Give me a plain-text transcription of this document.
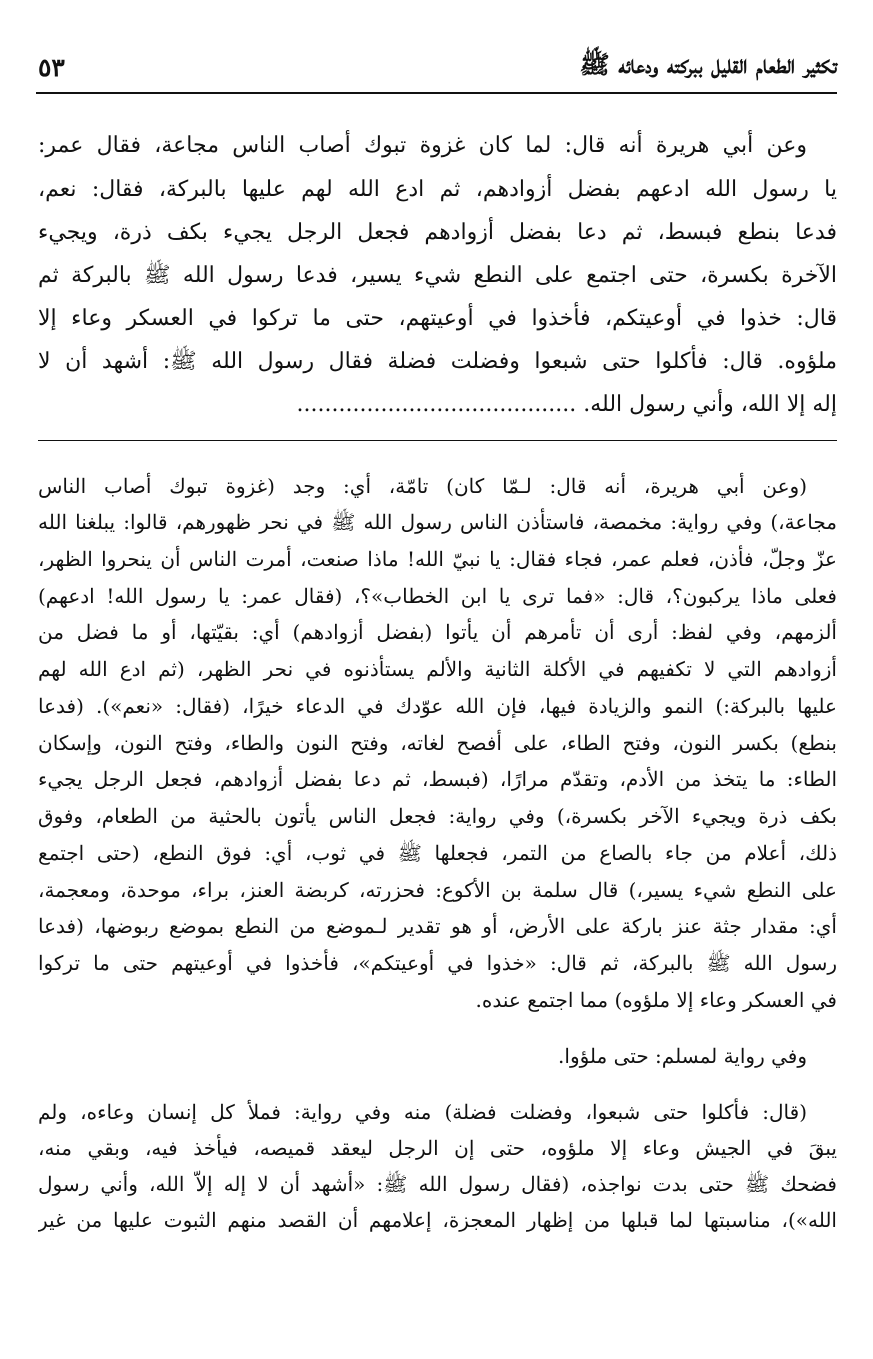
تكثير الطعام القليل ببركته ودعائه ﷺ
٥٣
وعن أبي هريرة أنه قال: لما كان غزوة تبوك أصاب الناس مجاعة، فقال عمر:
يا رسول الله ادعهم بفضل أزوادهم، ثم ادع الله لهم عليها بالبركة، فقال: نعم،
فدعا بنطع فبسط، ثم دعا بفضل أزوادهم فجعل الرجل يجيء بكف ذرة، ويجيء
الآخرة بكسرة، حتى اجتمع على النطع شيء يسير، فدعا رسول الله ﷺ بالبركة ثم
قال: خذوا في أوعيتكم، فأخذوا في أوعيتهم، حتى ما تركوا في العسكر وعاء إلا
ملؤوه. قال: فأكلوا حتى شبعوا وفضلت فضلة فقال رسول الله ﷺ: أشهد أن لا
إله إلا الله، وأني رسول الله. ........................................
(وعن أبي هريرة، أنه قال: لـمّا كان) تامّة، أي: وجد (غزوة تبوك أصاب الناس
مجاعة،) وفي رواية: مخمصة، فاستأذن الناس رسول الله ﷺ في نحر ظهورهم، قالوا: يبلغنا الله
عزّ وجلّ، فأذن، فعلم عمر، فجاء فقال: يا نبيّ الله! ماذا صنعت، أمرت الناس أن ينحروا الظهر،
فعلى ماذا يركبون؟، قال: «فما ترى يا ابن الخطاب»؟، (فقال عمر: يا رسول الله! ادعهم)
ألزمهم، وفي لفظ: أرى أن تأمرهم أن يأتوا (بفضل أزوادهم) أي: بقيّتها، أو ما فضل من
أزوادهم التي لا تكفيهم في الأكلة الثانية والألم يستأذنوه في نحر الظهر، (ثم ادع الله لهم
عليها بالبركة:) النمو والزيادة فيها، فإن الله عوّدك في الدعاء خيرًا، (فقال: «نعم»). (فدعا
بنطع) بكسر النون، وفتح الطاء، على أفصح لغاته، وفتح النون والطاء، وفتح النون، وإسكان
الطاء: ما يتخذ من الأدم، وتقدّم مرارًا، (فبسط، ثم دعا بفضل أزوادهم، فجعل الرجل يجيء
بكف ذرة ويجيء الآخر بكسرة،) وفي رواية: فجعل الناس يأتون بالحثية من الطعام، وفوق
ذلك، أعلام من جاء بالصاع من التمر، فجعلها ﷺ في ثوب، أي: فوق النطع، (حتى اجتمع
على النطع شيء يسير،) قال سلمة بن الأكوع: فحزرته، كربضة العنز، براء، موحدة، ومعجمة،
أي: مقدار جثة عنز باركة على الأرض، أو هو تقدير لـموضع من النطع بموضع ربوضها، (فدعا
رسول الله ﷺ بالبركة، ثم قال: «خذوا في أوعيتكم»، فأخذوا في أوعيتهم حتى ما تركوا
في العسكر وعاء إلا ملؤوه) مما اجتمع عنده.
وفي رواية لمسلم: حتى ملؤوا.
(قال: فأكلوا حتى شبعوا، وفضلت فضلة) منه وفي رواية: فملأ كل إنسان وعاءه، ولم
يبقَ في الجيش وعاء إلا ملؤوه، حتى إن الرجل ليعقد قميصه، فيأخذ فيه، وبقي منه،
فضحك ﷺ حتى بدت نواجذه، (فقال رسول الله ﷺ: «أشهد أن لا إله إلاّ الله، وأني رسول
الله»)، مناسبتها لما قبلها من إظهار المعجزة، إعلامهم أن القصد منهم الثبوت عليها من غير
